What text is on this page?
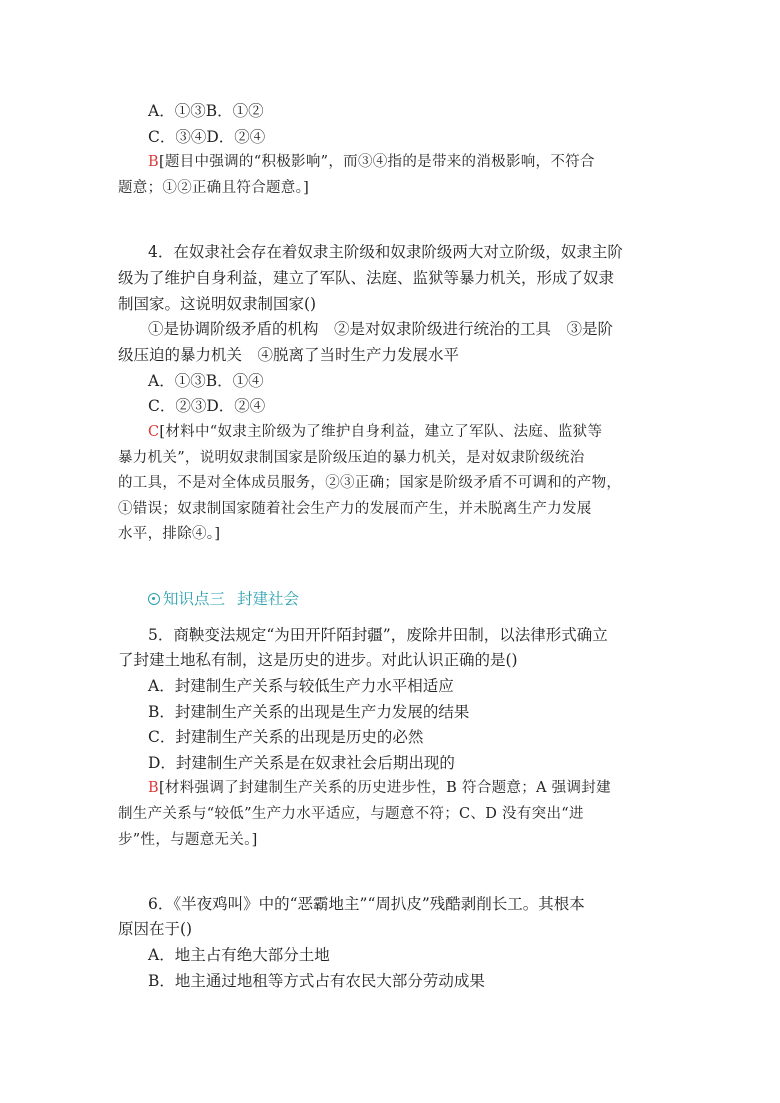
A．①③B．①②
C．③④D．②④
B[题目中强调的“积极影响”，而③④指的是带来的消极影响，不符合
题意；①②正确且符合题意。]
4．在奴隶社会存在着奴隶主阶级和奴隶阶级两大对立阶级，奴隶主阶
级为了维护自身利益，建立了军队、法庭、监狱等暴力机关，形成了奴隶
制国家。这说明奴隶制国家()
①是协调阶级矛盾的机构　②是对奴隶阶级进行统治的工具　③是阶
级压迫的暴力机关　④脱离了当时生产力发展水平
A．①③B．①④
C．②③D．②④
C[材料中“奴隶主阶级为了维护自身利益，建立了军队、法庭、监狱等
暴力机关”，说明奴隶制国家是阶级压迫的暴力机关，是对奴隶阶级统治
的工具，不是对全体成员服务，②③正确；国家是阶级矛盾不可调和的产物，
①错误；奴隶制国家随着社会生产力的发展而产生，并未脱离生产力发展
水平，排除④。]
知识点三 封建社会
5．商鞅变法规定“为田开阡陌封疆”，废除井田制，以法律形式确立
了封建土地私有制，这是历史的进步。对此认识正确的是()
A．封建制生产关系与较低生产力水平相适应
B．封建制生产关系的出现是生产力发展的结果
C．封建制生产关系的出现是历史的必然
D．封建制生产关系是在奴隶社会后期出现的
B[材料强调了封建制生产关系的历史进步性，B 符合题意；A 强调封建
制生产关系与“较低”生产力水平适应，与题意不符；C、D 没有突出“进
步”性，与题意无关。]
6．《半夜鸡叫》中的“恶霸地主”“周扒皮”残酷剥削长工。其根本
原因在于()
A．地主占有绝大部分土地
B．地主通过地租等方式占有农民大部分劳动成果
